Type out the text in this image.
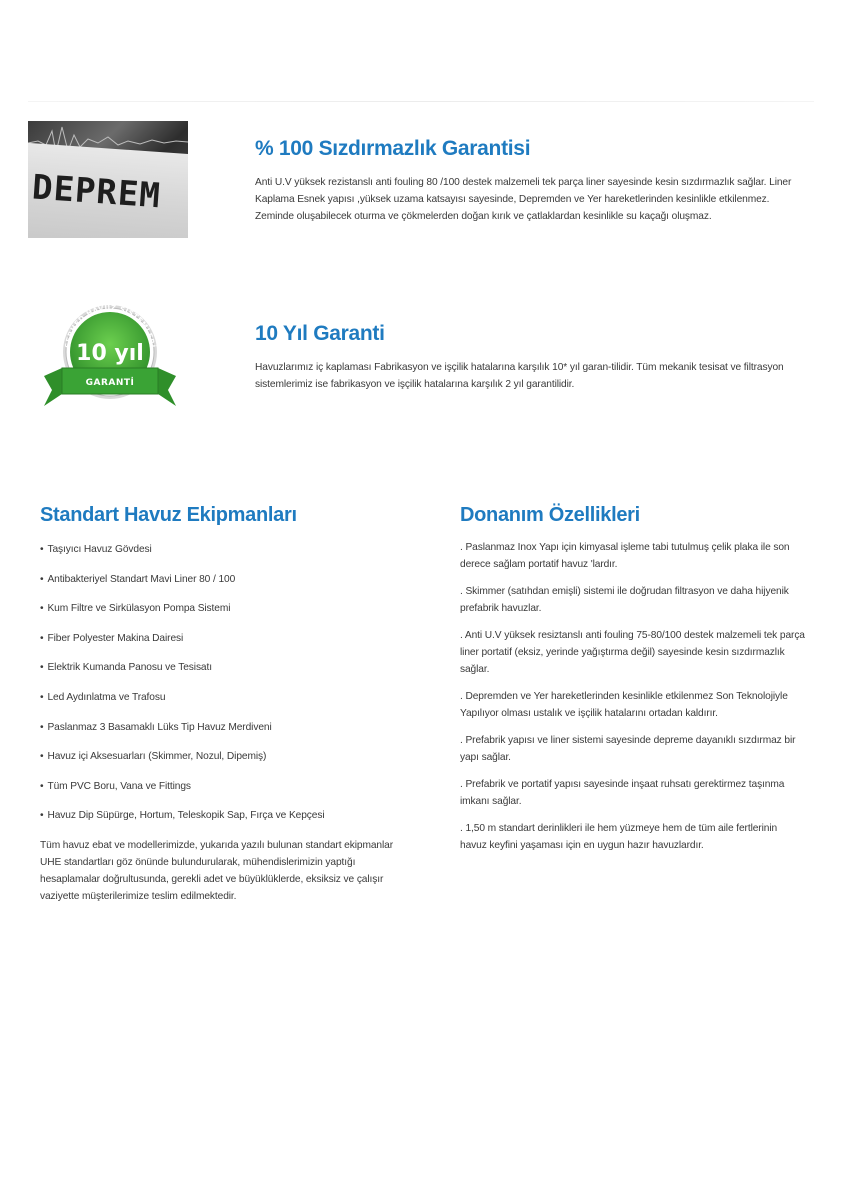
DEPREM
% 100 Sızdırmazlık Garantisi

Anti U.V yüksek rezistanslı anti fouling 80 /100 destek malzemeli tek parça liner sayesinde kesin sızdırmazlık sağlar. Liner Kaplama Esnek yapısı ,yüksek uzama katsayısı sayesinde, Depremden ve Yer hareketlerinden kesinlikle etkilenmez. Zeminde oluşabilecek oturma ve çökmelerden doğan kırık ve çatlaklardan kesinlikle su kaçağı oluşmaz.

SERHED HAVUZ SİSTEMLERİ
10 yıl
GARANTİ
10 Yıl Garanti

Havuzlarımız iç kaplaması Fabrikasyon ve işçilik hatalarına karşılık 10* yıl garan-tilidir. Tüm mekanik tesisat ve filtrasyon sistemlerimiz ise fabrikasyon ve işçilik hatalarına karşılık 2 yıl garantilidir.

Standart Havuz Ekipmanları
• Taşıyıcı Havuz Gövdesi
• Antibakteriyel Standart Mavi Liner 80 / 100
• Kum Filtre ve Sirkülasyon Pompa Sistemi
• Fiber Polyester Makina Dairesi
• Elektrik Kumanda Panosu ve Tesisatı
• Led Aydınlatma ve Trafosu
• Paslanmaz 3 Basamaklı Lüks Tip Havuz Merdiveni
• Havuz içi Aksesuarları (Skimmer, Nozul, Dipemiş)
• Tüm PVC Boru, Vana ve Fittings
• Havuz Dip Süpürge, Hortum, Teleskopik Sap, Fırça ve Kepçesi

Tüm havuz ebat ve modellerimizde, yukarıda yazılı bulunan standart ekipmanlar UHE standartları göz önünde bulundurularak, mühendislerimizin yaptığı hesaplamalar doğrultusunda, gerekli adet ve büyüklüklerde, eksiksiz ve çalışır vaziyette müşterilerimize teslim edilmektedir.

Donanım Özellikleri

. Paslanmaz Inox Yapı için kimyasal işleme tabi tutulmuş çelik plaka ile son derece sağlam portatif havuz 'lardır.

. Skimmer (satıhdan emişli) sistemi ile doğrudan filtrasyon ve daha hijyenik prefabrik havuzlar.

. Anti U.V yüksek resiztanslı anti fouling 75-80/100 destek malzemeli tek parça liner portatif (eksiz, yerinde yağıştırma değil) sayesinde kesin sızdırmazlık sağlar.

. Depremden ve Yer hareketlerinden kesinlikle etkilenmez Son Teknolojiyle Yapılıyor olması ustalık ve işçilik hatalarını ortadan kaldırır.

. Prefabrik yapısı ve liner sistemi sayesinde depreme dayanıklı sızdırmaz bir yapı sağlar.

. Prefabrik ve portatif yapısı sayesinde inşaat ruhsatı gerektirmez taşınma imkanı sağlar.

. 1,50 m standart derinlikleri ile hem yüzmeye hem de tüm aile fertlerinin havuz keyfini yaşaması için en uygun hazır havuzlardır.
